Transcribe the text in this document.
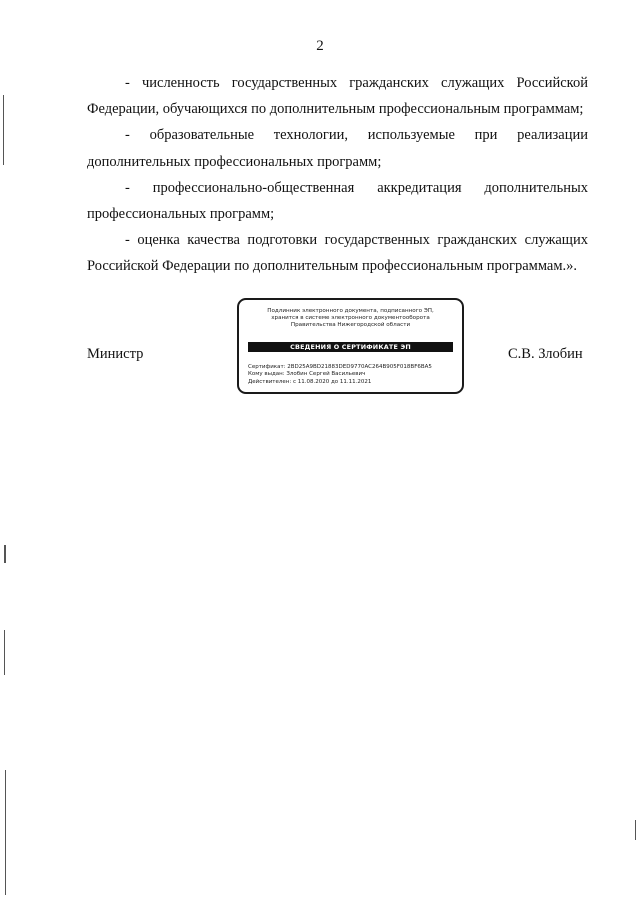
2

- численность государственных гражданских служащих Российской Федерации, обучающихся по дополнительным профессиональным программам;

- образовательные технологии, используемые при реализации дополнительных профессиональных программ;

- профессионально-общественная аккредитация дополнительных профессиональных программ;

- оценка качества подготовки государственных гражданских служащих Российской Федерации по дополнительным профессиональным программам.».

Министр	С.В. Злобин
Подлинник электронного документа, подписанного ЭП,
хранится в системе электронного документооборота
Правительства Нижегородской области
СВЕДЕНИЯ О СЕРТИФИКАТЕ ЭП
Сертификат: 2BD25A9BD21883DED9770AC264B905F018BF6BA5
Кому выдан: Злобин Сергей Васильевич
Действителен: с 11.08.2020 до 11.11.2021
